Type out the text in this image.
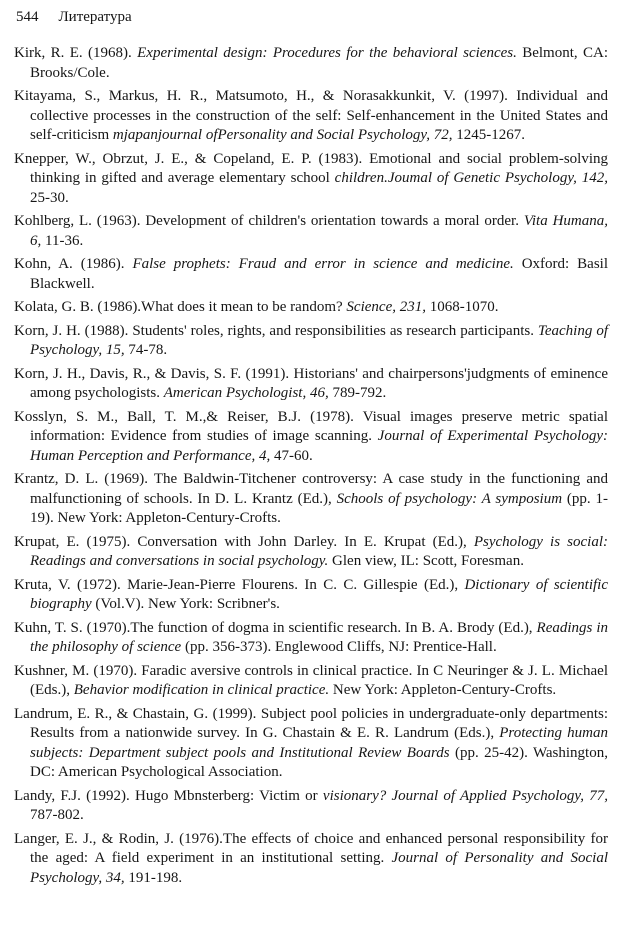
544 Литература

Kirk, R. E. (1968). Experimental design: Procedures for the behavioral sciences. Belmont, CA: Brooks/Cole.

Kitayama, S., Markus, H. R., Matsumoto, H., & Norasakkunkit, V. (1997). Individual and collective processes in the construction of the self: Self-enhancement in the United States and self-criticism mjapanjournal ofPersonality and Social Psychology, 72, 1245-1267.

Knepper, W., Obrzut, J. E., & Copeland, E. P. (1983). Emotional and social problem-solving thinking in gifted and average elementary school children.Joumal of Genetic Psychology, 142, 25-30.

Kohlberg, L. (1963). Development of children's orientation towards a moral order. Vita Humana, 6, 11-36.

Kohn, A. (1986). False prophets: Fraud and error in science and medicine. Oxford: Basil Blackwell.

Kolata, G. B. (1986).What does it mean to be random? Science, 231, 1068-1070.

Korn, J. H. (1988). Students' roles, rights, and responsibilities as research participants. Teaching of Psychology, 15, 74-78.

Korn, J. H., Davis, R., & Davis, S. F. (1991). Historians' and chairpersons'judgments of eminence among psychologists. American Psychologist, 46, 789-792.

Kosslyn, S. M., Ball, T. M.,& Reiser, B.J. (1978). Visual images preserve metric spatial information: Evidence from studies of image scanning. Journal of Experimental Psychology: Human Perception and Performance, 4, 47-60.

Krantz, D. L. (1969). The Baldwin-Titchener controversy: A case study in the functioning and malfunctioning of schools. In D. L. Krantz (Ed.), Schools of psychology: A symposium (pp. 1-19). New York: Appleton-Century-Crofts.

Krupat, E. (1975). Conversation with John Darley. In E. Krupat (Ed.), Psychology is social: Readings and conversations in social psychology. Glen view, IL: Scott, Foresman.

Kruta, V. (1972). Marie-Jean-Pierre Flourens. In C. C. Gillespie (Ed.), Dictionary of scientific biography (Vol.V). New York: Scribner's.

Kuhn, T. S. (1970).The function of dogma in scientific research. In B. A. Brody (Ed.), Readings in the philosophy of science (pp. 356-373). Englewood Cliffs, NJ: Prentice-Hall.

Kushner, M. (1970). Faradic aversive controls in clinical practice. In C Neuringer & J. L. Michael (Eds.), Behavior modification in clinical practice. New York: Appleton-Century-Crofts.

Landrum, E. R., & Chastain, G. (1999). Subject pool policies in undergraduate-only departments: Results from a nationwide survey. In G. Chastain & E. R. Landrum (Eds.), Protecting human subjects: Department subject pools and Institutional Review Boards (pp. 25-42). Washington, DC: American Psychological Association.

Landy, F.J. (1992). Hugo Mbnsterberg: Victim or visionary? Journal of Applied Psychology, 77, 787-802.

Langer, E. J., & Rodin, J. (1976).The effects of choice and enhanced personal responsibility for the aged: A field experiment in an institutional setting. Journal of Personality and Social Psychology, 34, 191-198.
